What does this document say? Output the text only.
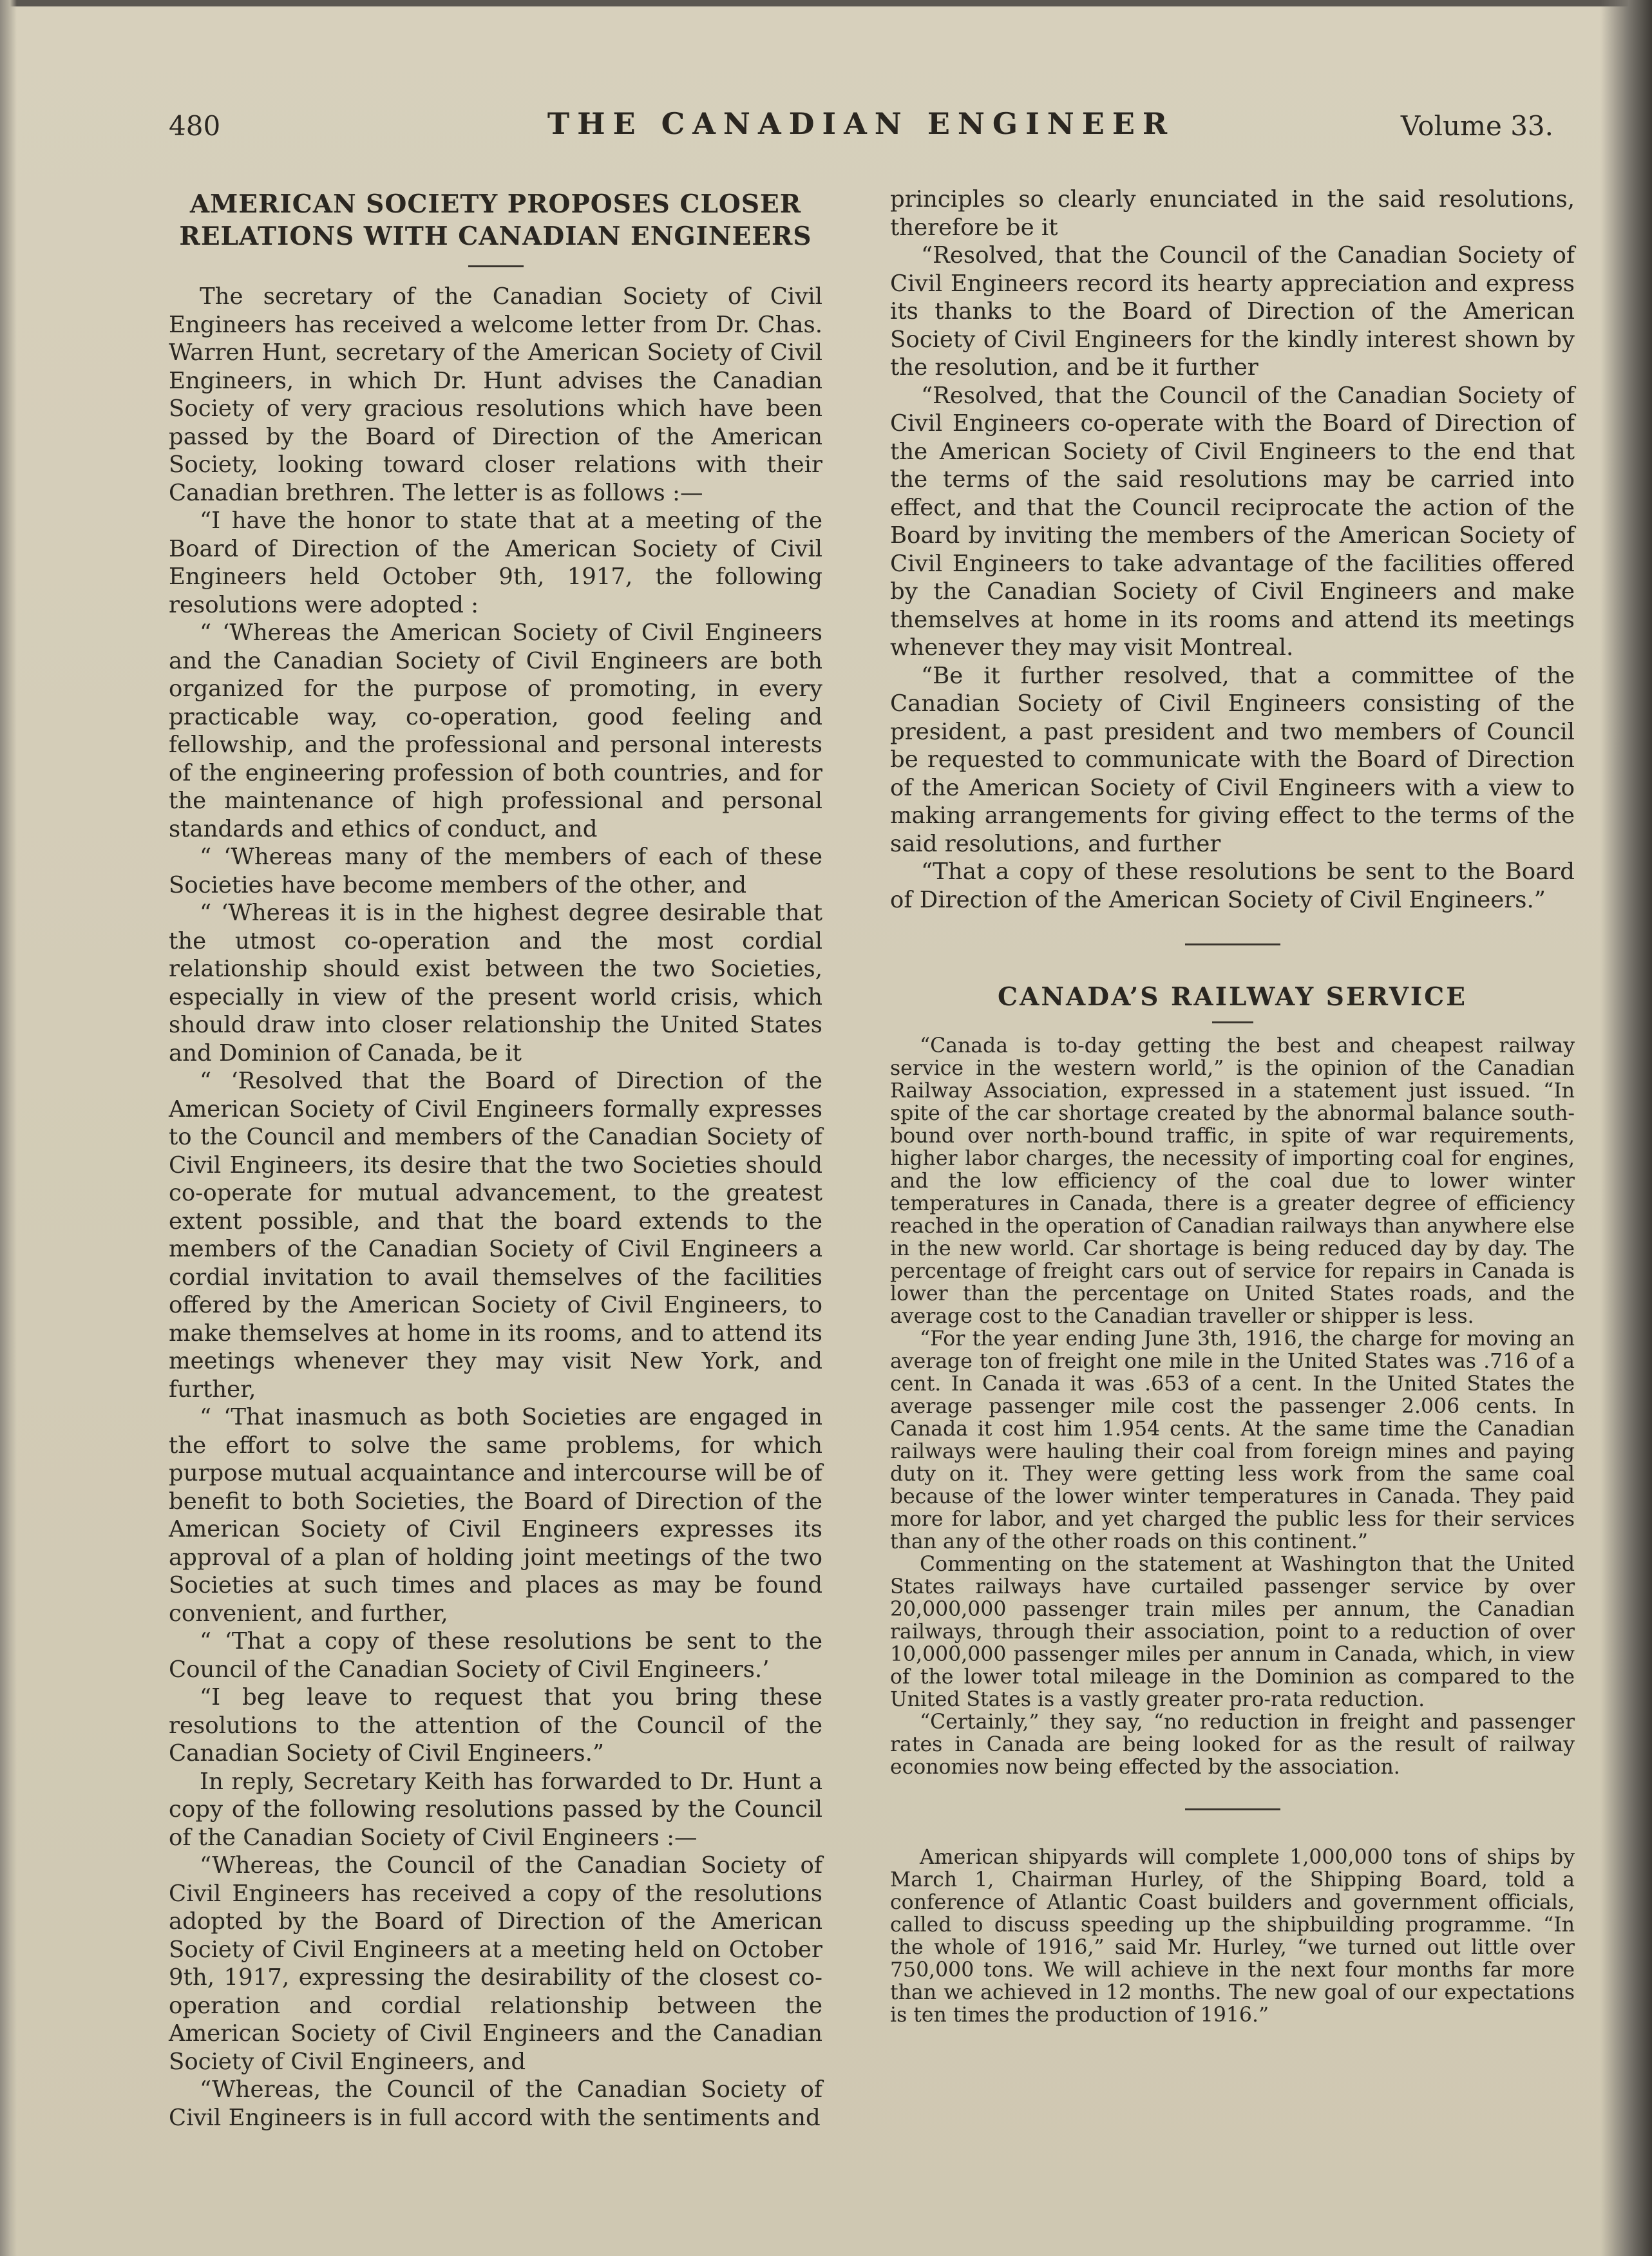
480	THE CANADIAN ENGINEER	Volume 33.
AMERICAN SOCIETY PROPOSES CLOSER RELATIONS WITH CANADIAN ENGINEERS

The secretary of the Canadian Society of Civil Engineers has received a welcome letter from Dr. Chas. Warren Hunt, secretary of the American Society of Civil Engineers, in which Dr. Hunt advises the Canadian Society of very gracious resolutions which have been passed by the Board of Direction of the American Society, looking toward closer relations with their Canadian brethren. The letter is as follows :—

“I have the honor to state that at a meeting of the Board of Direction of the American Society of Civil Engineers held October 9th, 1917, the following resolutions were adopted :

“ ‘Whereas the American Society of Civil Engineers and the Canadian Society of Civil Engineers are both organized for the purpose of promoting, in every practicable way, co-operation, good feeling and fellowship, and the professional and personal interests of the engineering profession of both countries, and for the maintenance of high professional and personal standards and ethics of conduct, and

“ ‘Whereas many of the members of each of these Societies have become members of the other, and

“ ‘Whereas it is in the highest degree desirable that the utmost co-operation and the most cordial relationship should exist between the two Societies, especially in view of the present world crisis, which should draw into closer relationship the United States and Dominion of Canada, be it

“ ‘Resolved that the Board of Direction of the American Society of Civil Engineers formally expresses to the Council and members of the Canadian Society of Civil Engineers, its desire that the two Societies should co-operate for mutual advancement, to the greatest extent possible, and that the board extends to the members of the Canadian Society of Civil Engineers a cordial invitation to avail themselves of the facilities offered by the American Society of Civil Engineers, to make themselves at home in its rooms, and to attend its meetings whenever they may visit New York, and further,

“ ‘That inasmuch as both Societies are engaged in the effort to solve the same problems, for which purpose mutual acquaintance and intercourse will be of benefit to both Societies, the Board of Direction of the American Society of Civil Engineers expresses its approval of a plan of holding joint meetings of the two Societies at such times and places as may be found convenient, and further,

“ ‘That a copy of these resolutions be sent to the Council of the Canadian Society of Civil Engineers.’

“I beg leave to request that you bring these resolutions to the attention of the Council of the Canadian Society of Civil Engineers.”

In reply, Secretary Keith has forwarded to Dr. Hunt a copy of the following resolutions passed by the Council of the Canadian Society of Civil Engineers :—

“Whereas, the Council of the Canadian Society of Civil Engineers has received a copy of the resolutions adopted by the Board of Direction of the American Society of Civil Engineers at a meeting held on October 9th, 1917, expressing the desirability of the closest co-operation and cordial relationship between the American Society of Civil Engineers and the Canadian Society of Civil Engineers, and

“Whereas, the Council of the Canadian Society of Civil Engineers is in full accord with the sentiments and

principles so clearly enunciated in the said resolutions, therefore be it

“Resolved, that the Council of the Canadian Society of Civil Engineers record its hearty appreciation and express its thanks to the Board of Direction of the American Society of Civil Engineers for the kindly interest shown by the resolution, and be it further

“Resolved, that the Council of the Canadian Society of Civil Engineers co-operate with the Board of Direction of the American Society of Civil Engineers to the end that the terms of the said resolutions may be carried into effect, and that the Council reciprocate the action of the Board by inviting the members of the American Society of Civil Engineers to take advantage of the facilities offered by the Canadian Society of Civil Engineers and make themselves at home in its rooms and attend its meetings whenever they may visit Montreal.

“Be it further resolved, that a committee of the Canadian Society of Civil Engineers consisting of the president, a past president and two members of Council be requested to communicate with the Board of Direction of the American Society of Civil Engineers with a view to making arrangements for giving effect to the terms of the said resolutions, and further

“That a copy of these resolutions be sent to the Board of Direction of the American Society of Civil Engineers.”

CANADA’S RAILWAY SERVICE

“Canada is to-day getting the best and cheapest railway service in the western world,” is the opinion of the Canadian Railway Association, expressed in a statement just issued. “In spite of the car shortage created by the abnormal balance south-bound over north-bound traffic, in spite of war requirements, higher labor charges, the necessity of importing coal for engines, and the low efficiency of the coal due to lower winter temperatures in Canada, there is a greater degree of efficiency reached in the operation of Canadian railways than anywhere else in the new world. Car shortage is being reduced day by day. The percentage of freight cars out of service for repairs in Canada is lower than the percentage on United States roads, and the average cost to the Canadian traveller or shipper is less.

“For the year ending June 3th, 1916, the charge for moving an average ton of freight one mile in the United States was .716 of a cent. In Canada it was .653 of a cent. In the United States the average passenger mile cost the passenger 2.006 cents. In Canada it cost him 1.954 cents. At the same time the Canadian railways were hauling their coal from foreign mines and paying duty on it. They were getting less work from the same coal because of the lower winter temperatures in Canada. They paid more for labor, and yet charged the public less for their services than any of the other roads on this continent.”

Commenting on the statement at Washington that the United States railways have curtailed passenger service by over 20,000,000 passenger train miles per annum, the Canadian railways, through their association, point to a reduction of over 10,000,000 passenger miles per annum in Canada, which, in view of the lower total mileage in the Dominion as compared to the United States is a vastly greater pro-rata reduction.

“Certainly,” they say, “no reduction in freight and passenger rates in Canada are being looked for as the result of railway economies now being effected by the association.

American shipyards will complete 1,000,000 tons of ships by March 1, Chairman Hurley, of the Shipping Board, told a conference of Atlantic Coast builders and government officials, called to discuss speeding up the shipbuilding programme. “In the whole of 1916,” said Mr. Hurley, “we turned out little over 750,000 tons. We will achieve in the next four months far more than we achieved in 12 months. The new goal of our expectations is ten times the production of 1916.”
